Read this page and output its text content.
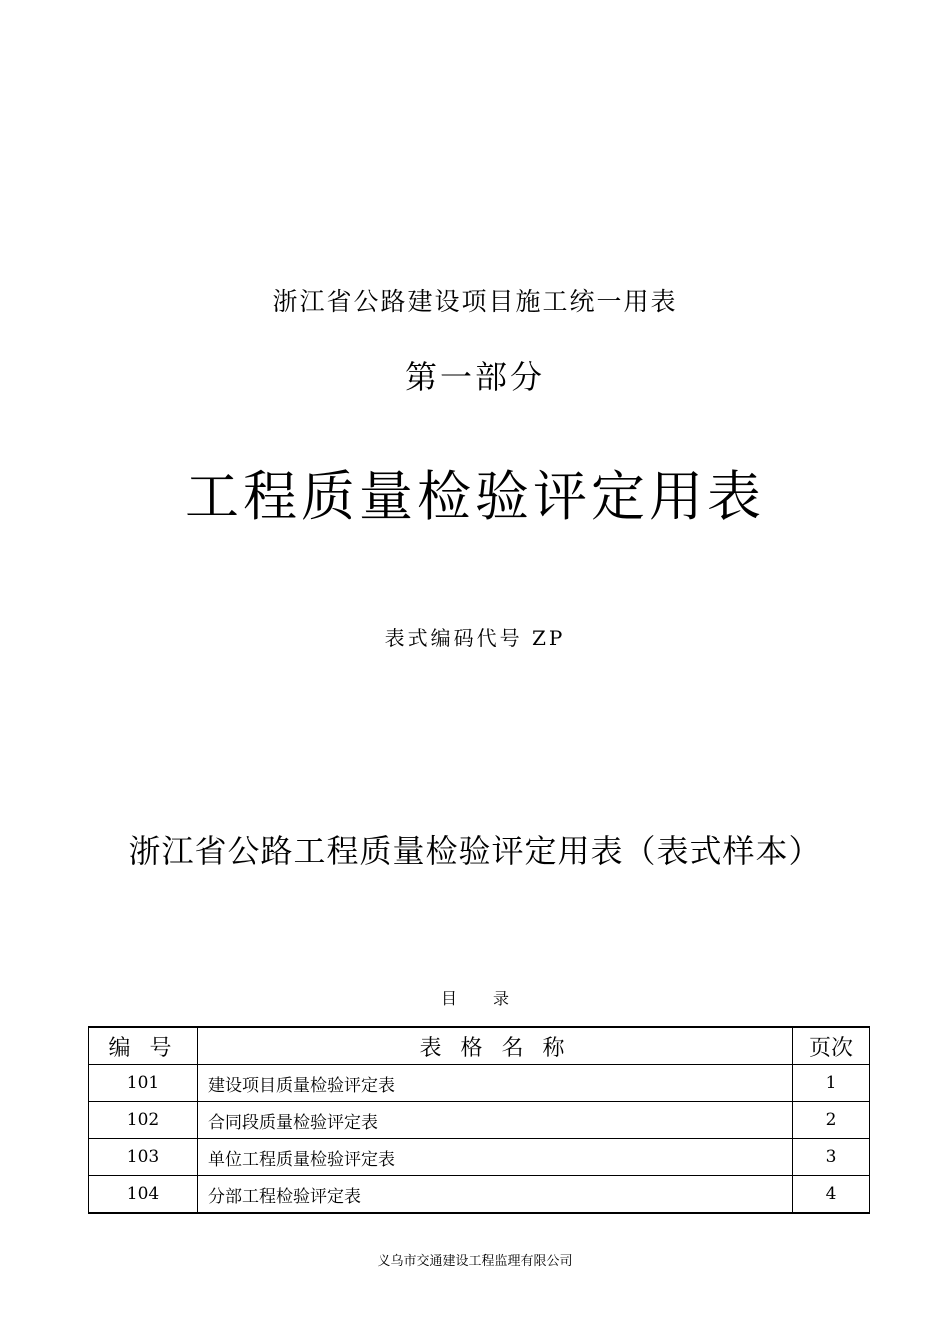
浙江省公路建设项目施工统一用表
第一部分
工程质量检验评定用表
表式编码代号 ZP
浙江省公路工程质量检验评定用表（表式样本）
目 录
编 号	表 格 名 称	页次
101	建设项目质量检验评定表	1
102	合同段质量检验评定表	2
103	单位工程质量检验评定表	3
104	分部工程检验评定表	4
义乌市交通建设工程监理有限公司
